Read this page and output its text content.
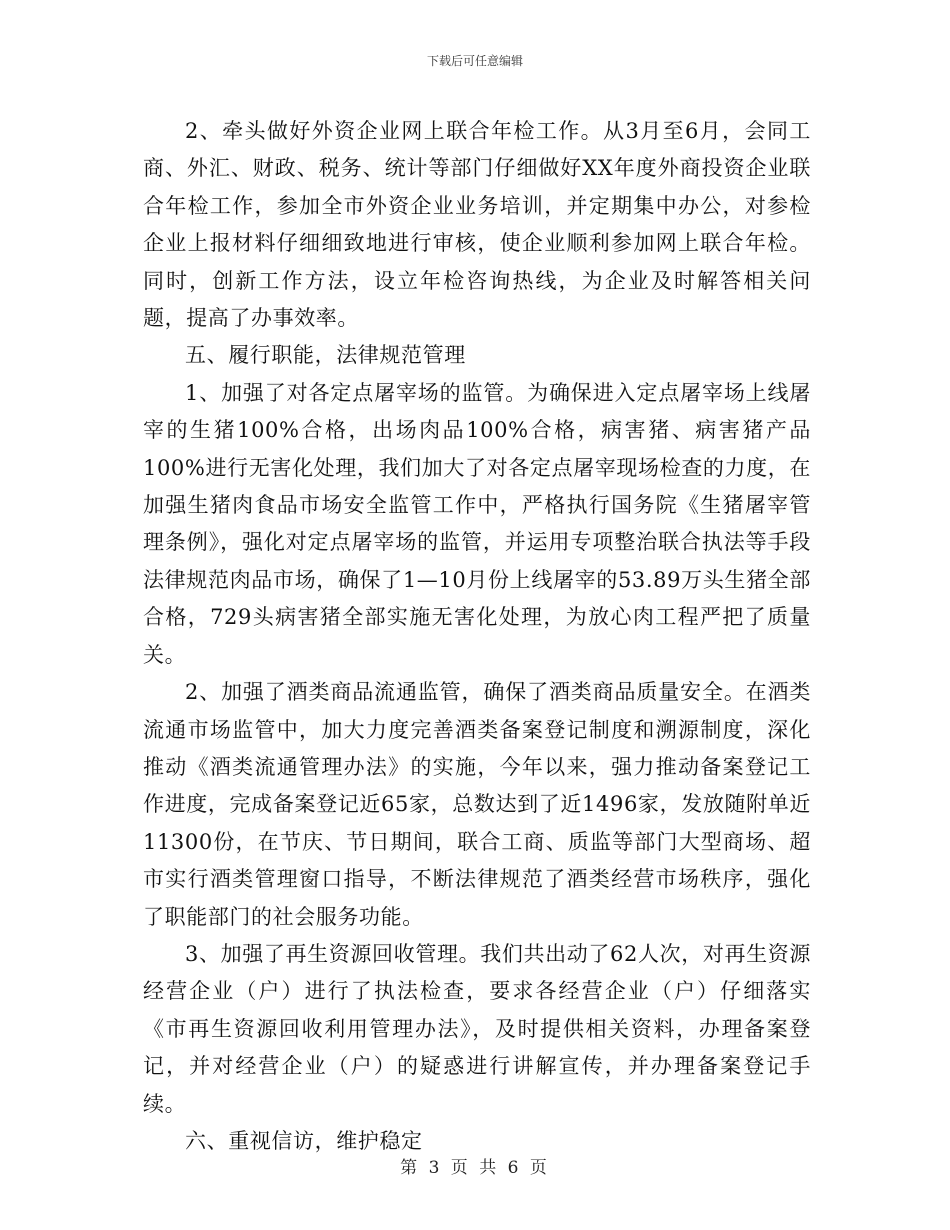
下载后可任意编辑

2、牵头做好外资企业网上联合年检工作。从3月至6月，会同工商、外汇、财政、税务、统计等部门仔细做好XX年度外商投资企业联合年检工作，参加全市外资企业业务培训，并定期集中办公，对参检企业上报材料仔细细致地进行审核，使企业顺利参加网上联合年检。同时，创新工作方法，设立年检咨询热线，为企业及时解答相关问题，提高了办事效率。

五、履行职能，法律规范管理

1、加强了对各定点屠宰场的监管。为确保进入定点屠宰场上线屠宰的生猪100%合格，出场肉品100%合格，病害猪、病害猪产品100%进行无害化处理，我们加大了对各定点屠宰现场检查的力度，在加强生猪肉食品市场安全监管工作中，严格执行国务院《生猪屠宰管理条例》，强化对定点屠宰场的监管，并运用专项整治联合执法等手段法律规范肉品市场，确保了1—10月份上线屠宰的53.89万头生猪全部合格，729头病害猪全部实施无害化处理，为放心肉工程严把了质量关。

2、加强了酒类商品流通监管，确保了酒类商品质量安全。在酒类流通市场监管中，加大力度完善酒类备案登记制度和溯源制度，深化推动《酒类流通管理办法》的实施，今年以来，强力推动备案登记工作进度，完成备案登记近65家，总数达到了近1496家，发放随附单近11300份，在节庆、节日期间，联合工商、质监等部门大型商场、超市实行酒类管理窗口指导，不断法律规范了酒类经营市场秩序，强化了职能部门的社会服务功能。

3、加强了再生资源回收管理。我们共出动了62人次，对再生资源经营企业（户）进行了执法检查，要求各经营企业（户）仔细落实《市再生资源回收利用管理办法》，及时提供相关资料，办理备案登记，并对经营企业（户）的疑惑进行讲解宣传，并办理备案登记手续。

六、重视信访，维护稳定

第 3 页 共 6 页
